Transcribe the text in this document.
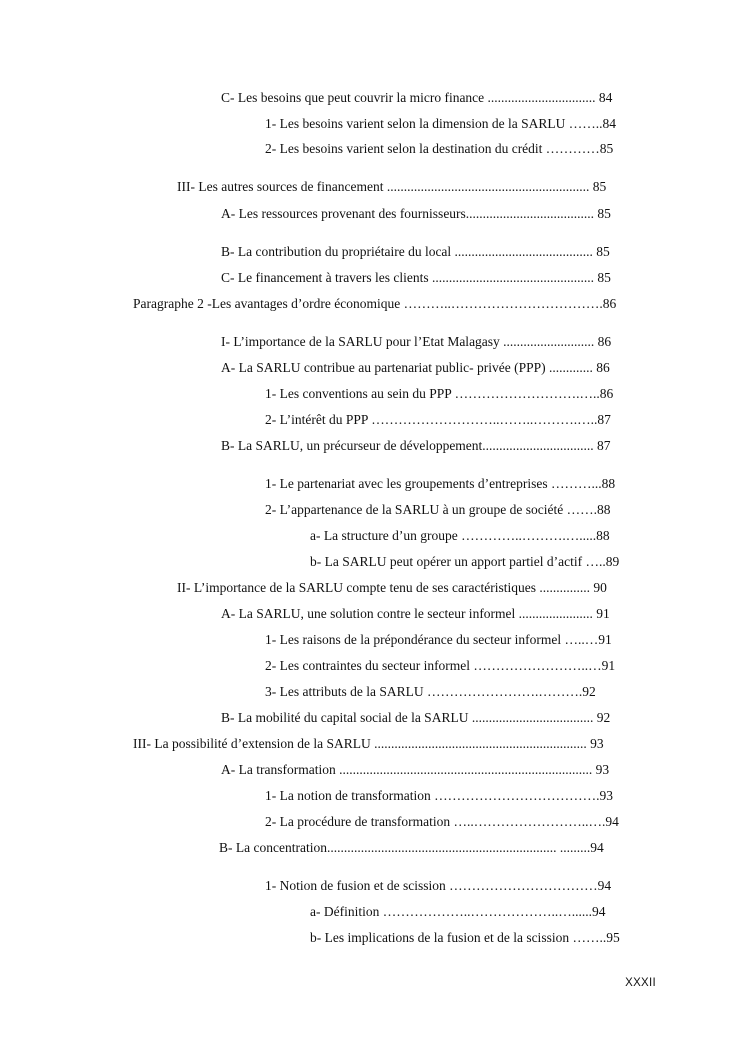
C- Les besoins que peut couvrir la micro finance ................................ 84
1- Les besoins varient selon la dimension de la SARLU ……..84
2- Les besoins varient selon la destination du crédit …………85
III- Les autres sources de financement ............................................................ 85
A- Les ressources provenant des fournisseurs...................................... 85
B- La contribution du propriétaire du local ......................................... 85
C- Le financement à travers les clients ................................................ 85
Paragraphe 2 -Les avantages d’ordre économique ………..…………………………….86
I- L’importance de la SARLU pour l’Etat Malagasy ........................... 86
A- La SARLU contribue au partenariat public- privée (PPP) ............. 86
1- Les conventions au sein du PPP ……………………….…..86
2- L’intérêt du PPP ………………………..……..……….…..87
B- La SARLU, un précurseur de développement................................. 87
1- Le partenariat avec les groupements d’entreprises ………...88
2- L’appartenance de la SARLU à un groupe de société …….88
a- La structure d’un groupe …………..……….….....88
b- La SARLU peut opérer un apport partiel d’actif …..89
II- L’importance de la SARLU compte tenu de ses caractéristiques ............... 90
A- La SARLU, une solution contre le secteur informel ...................... 91
1- Les raisons de la prépondérance du secteur informel …..…91
2- Les contraintes du secteur informel ……………………..…91
3- Les attributs de la SARLU …………………….……….92
B- La mobilité du capital social de la SARLU .................................... 92
III- La possibilité d’extension de la SARLU ............................................................... 93
A- La transformation ........................................................................... 93
1- La notion de transformation ……………………………….93
2- La procédure de transformation …..……………………..….94
B- La concentration.................................................................... .........94
1- Notion de fusion et de scission ……………………………94
a- Définition ………………..………………..…......94
b- Les implications de la fusion et de la scission ……..95
XXXII
